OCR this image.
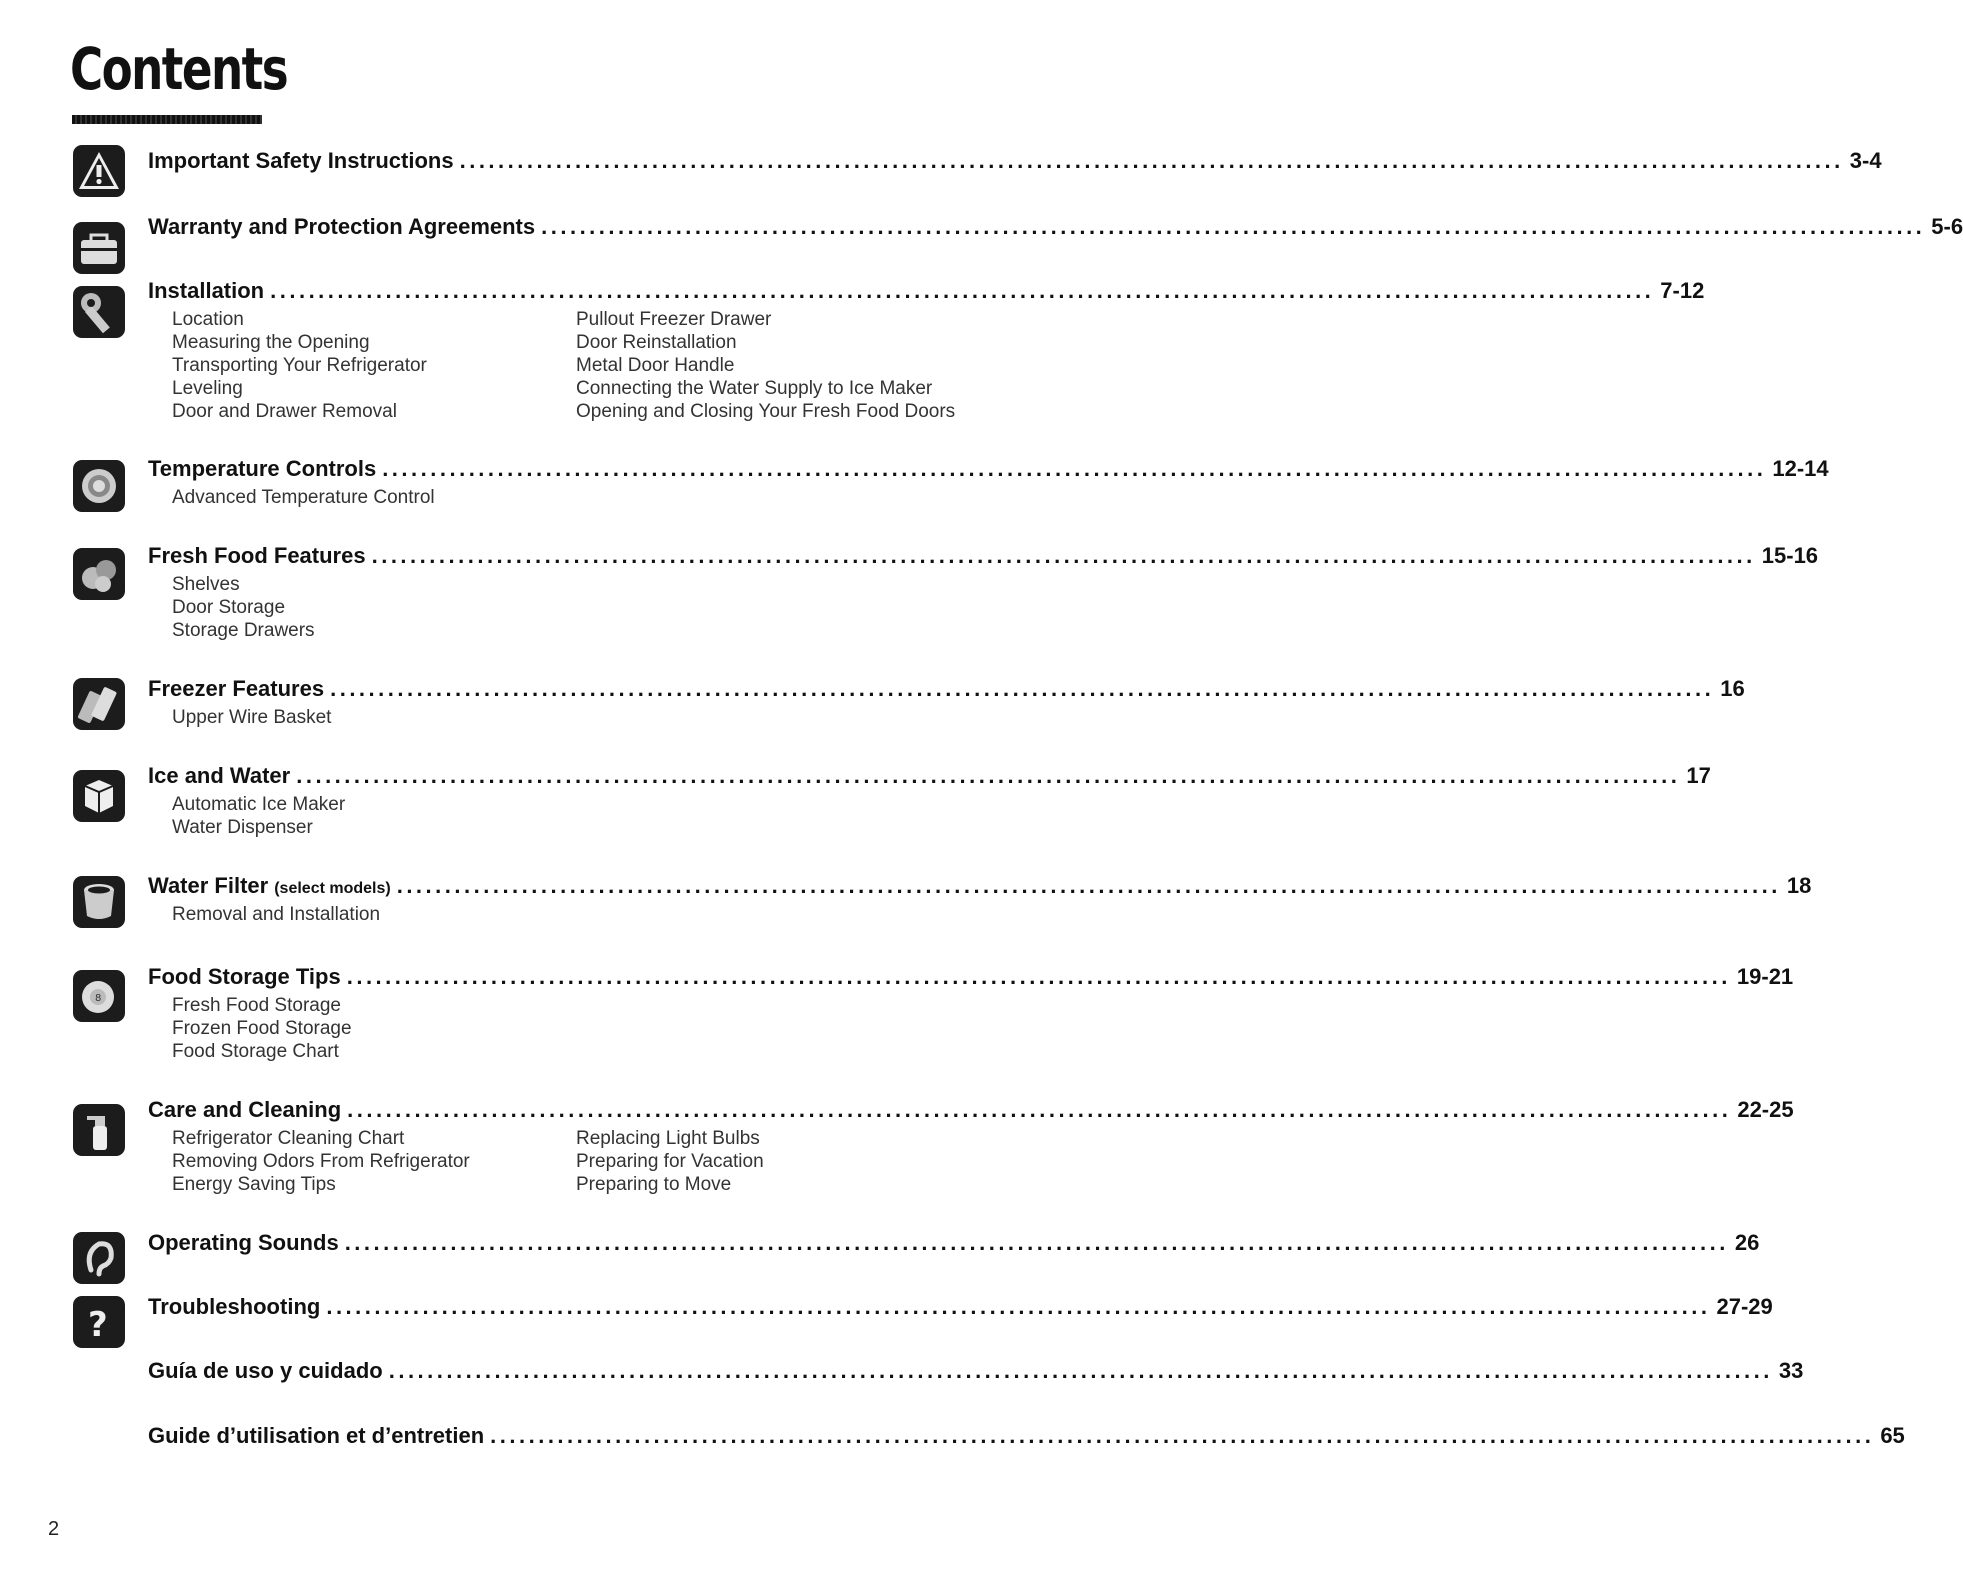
Contents
Important Safety Instructions ................................................................................................................................................ 3-4
Warranty and Protection Agreements ................................................................................................................................................ 5-6
Installation ................................................................................................................................................ 7-12
Location
Measuring the Opening
Transporting Your Refrigerator
Leveling
Door and Drawer Removal
Pullout Freezer Drawer
Door Reinstallation
Metal Door Handle
Connecting the Water Supply to Ice Maker
Opening and Closing Your Fresh Food Doors
Temperature Controls ................................................................................................................................................ 12-14
Advanced Temperature Control
Fresh Food Features ................................................................................................................................................ 15-16
Shelves
Door Storage
Storage Drawers
Freezer Features ................................................................................................................................................ 16
Upper Wire Basket
Ice and Water ................................................................................................................................................ 17
Automatic Ice Maker
Water Dispenser
Water Filter (select models) ................................................................................................................................................ 18
Removal and Installation
8
Food Storage Tips ................................................................................................................................................ 19-21
Fresh Food Storage
Frozen Food Storage
Food Storage Chart
Care and Cleaning ................................................................................................................................................ 22-25
Refrigerator Cleaning Chart
Removing Odors From Refrigerator
Energy Saving Tips
Replacing Light Bulbs
Preparing for Vacation
Preparing to Move
Operating Sounds ................................................................................................................................................ 26
? Troubleshooting ................................................................................................................................................ 27-29
Guía de uso y cuidado ................................................................................................................................................ 33
Guide d’utilisation et d’entretien ................................................................................................................................................ 65
2
